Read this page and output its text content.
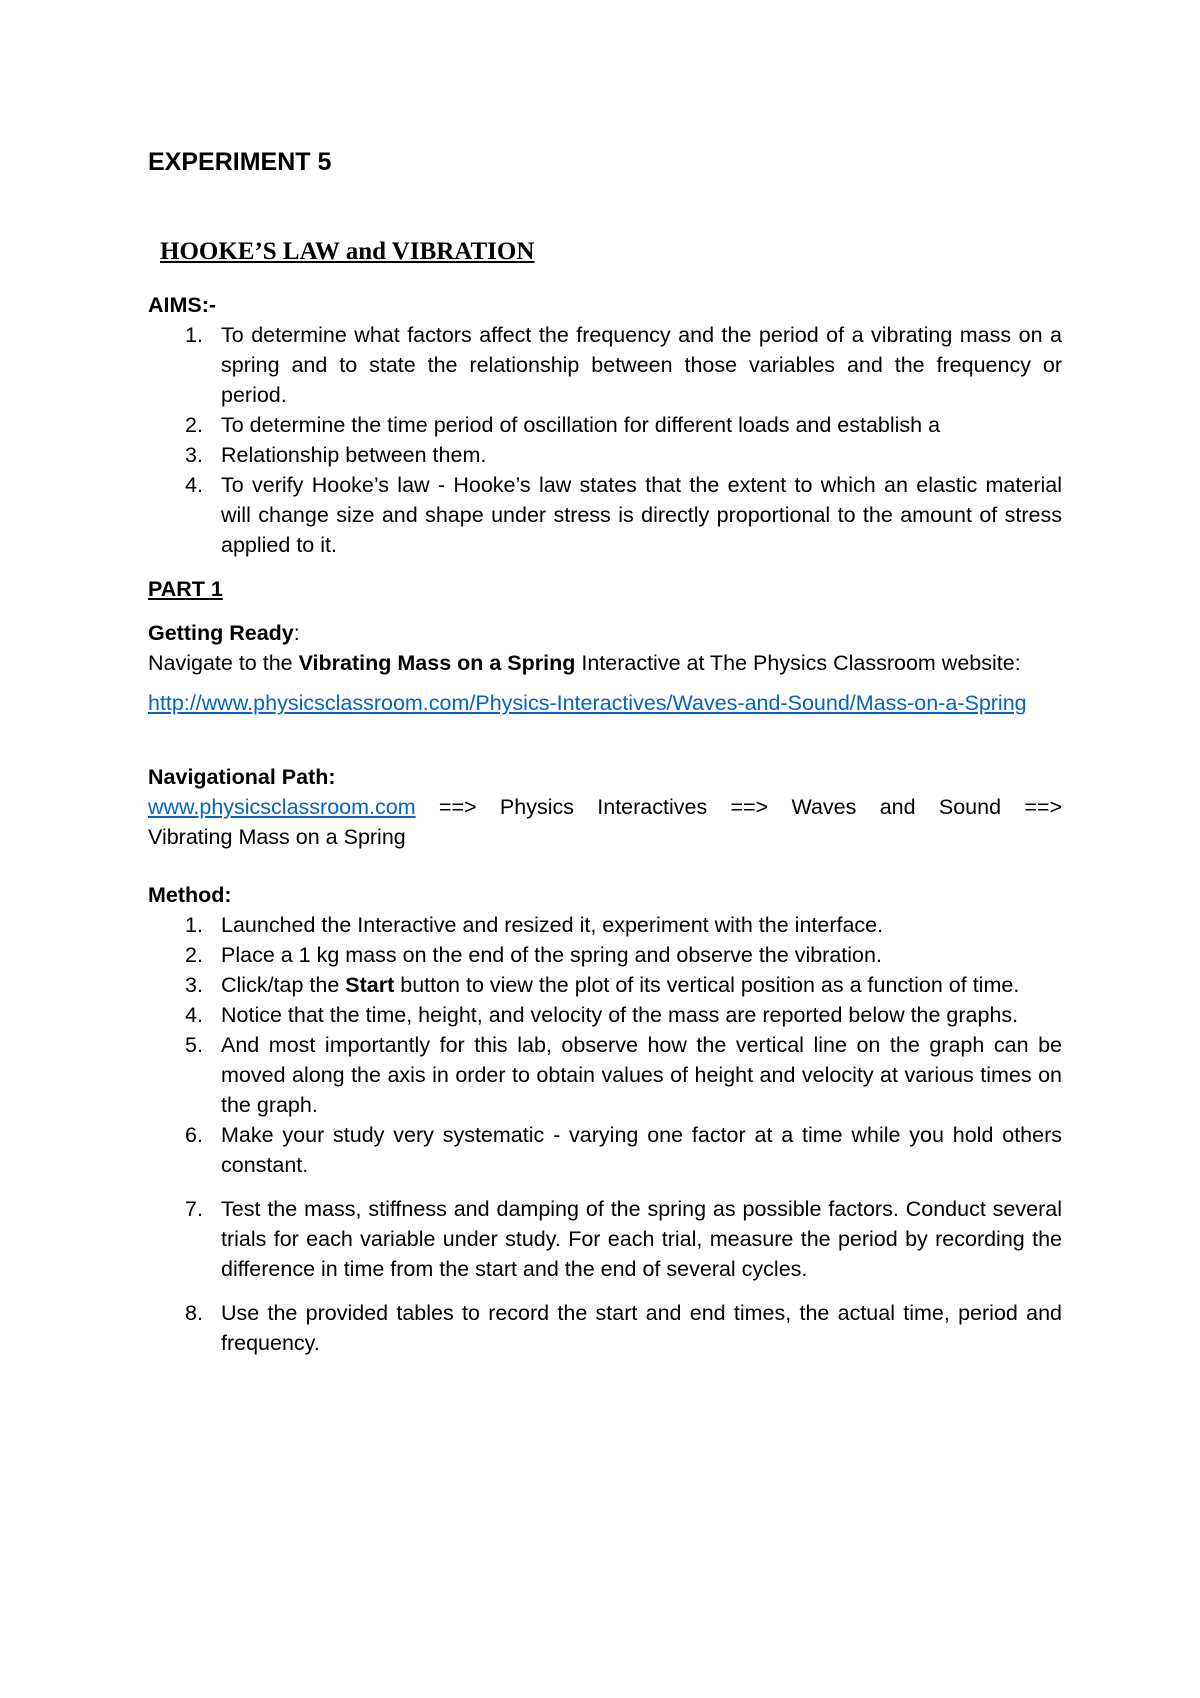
EXPERIMENT 5
HOOKE’S LAW and VIBRATION
AIMS:-
1. To determine what factors affect the frequency and the period of a vibrating mass on a spring and to state the relationship between those variables and the frequency or period.
2. To determine the time period of oscillation for different loads and establish a
3. Relationship between them.
4. To verify Hooke’s law - Hooke’s law states that the extent to which an elastic material will change size and shape under stress is directly proportional to the amount of stress applied to it.
PART 1
Getting Ready:
Navigate to the Vibrating Mass on a Spring Interactive at The Physics Classroom website:
http://www.physicsclassroom.com/Physics-Interactives/Waves-and-Sound/Mass-on-a-Spring
Navigational Path:
www.physicsclassroom.com ==> Physics Interactives ==> Waves and Sound ==>
Vibrating Mass on a Spring
Method:
1. Launched the Interactive and resized it, experiment with the interface.
2. Place a 1 kg mass on the end of the spring and observe the vibration.
3. Click/tap the Start button to view the plot of its vertical position as a function of time.
4. Notice that the time, height, and velocity of the mass are reported below the graphs.
5. And most importantly for this lab, observe how the vertical line on the graph can be moved along the axis in order to obtain values of height and velocity at various times on the graph.
6. Make your study very systematic - varying one factor at a time while you hold others constant.
7. Test the mass, stiffness and damping of the spring as possible factors. Conduct several trials for each variable under study. For each trial, measure the period by recording the difference in time from the start and the end of several cycles.
8. Use the provided tables to record the start and end times, the actual time, period and frequency.
